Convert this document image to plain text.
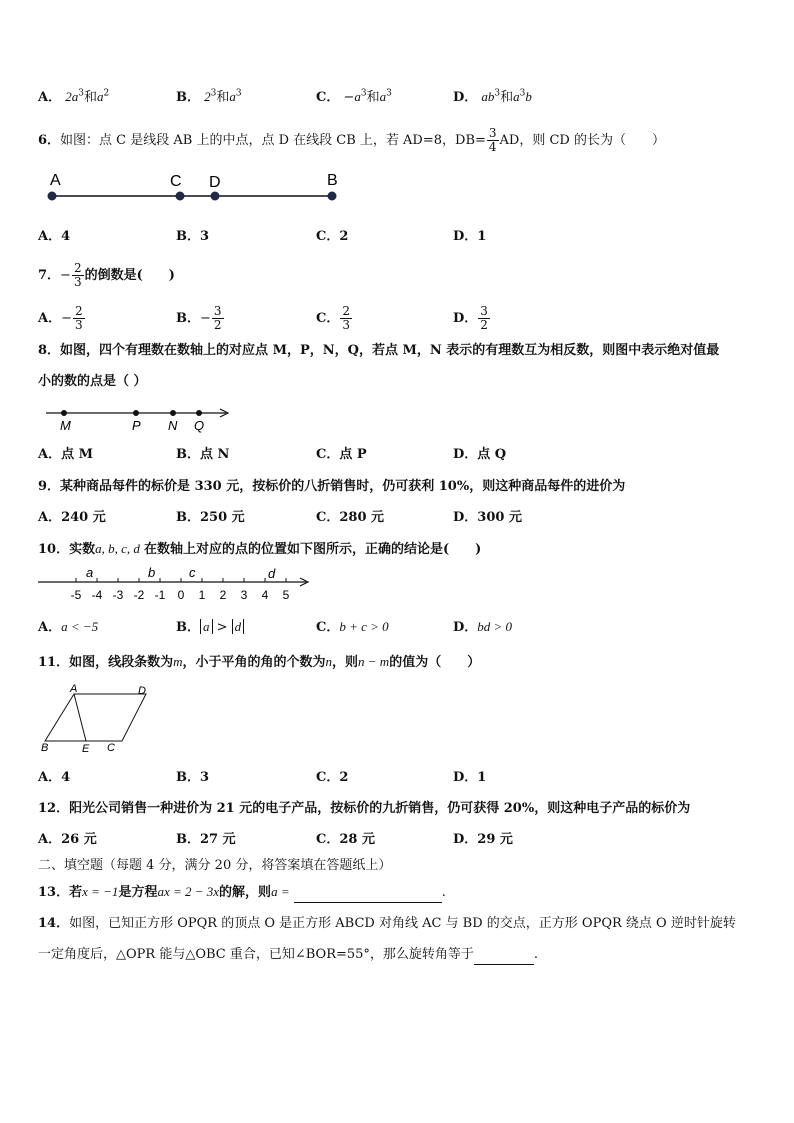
A． $2a^3$和$a^2$	B． $2^3$和$a^3$	C． $-a^3$和$a^3$	D． $ab^3$和$a^3b$
6．如图：点 C 是线段 AB 上的中点，点 D 在线段 CB 上，若 AD=8，$DB= \frac{3}{4}$ AD，则 CD 的长为（　　）
A	C D	B
A．4	B．3	C．2	D．1
7．− $\frac{2}{3}$ 的倒数是(　　)
A．− $\frac{2}{3}$	B．− $\frac{3}{2}$	C． $\frac{2}{3}$	D． $\frac{3}{2}$
8．如图，四个有理数在数轴上的对应点 M，P，N，Q，若点 M，N 表示的有理数互为相反数，则图中表示绝对值最
小的数的点是（ ）
M	P N Q
A．点 M	B．点 N	C．点 P	D．点 Q
9．某种商品每件的标价是 330 元，按标价的八折销售时，仍可获利 10%，则这种商品每件的进价为
A．240 元	B．250 元	C．280 元	D．300 元
10．实数a, b, c, d 在数轴上对应的点的位置如下图所示，正确的结论是(　　)
-5 -4 -3 -2 -1 0 1 2 3 4 5
a	b	c	d
A．a < −5	B． a > d	C．b + c > 0	D．bd > 0
11．如图，线段条数为m，小于平角的角的个数为n，则n − m的值为（　　）
A	D
B	E C
A．4	B．3	C．2	D．1
12．阳光公司销售一种进价为 21 元的电子产品，按标价的九折销售，仍可获得 20%，则这种电子产品的标价为
A．26 元	B．27 元	C．28 元	D．29 元
二、填空题（每题 4 分，满分 20 分，将答案填在答题纸上）
13．若x = −1是方程ax = 2 − 3x的解，则a =	.
14．如图，已知正方形 OPQR 的顶点 O 是正方形 ABCD 对角线 AC 与 BD 的交点，正方形 OPQR 绕点 O 逆时针旋转
一定角度后，△OPR 能与△OBC 重合，已知∠BOR=55°，那么旋转角等于	.
